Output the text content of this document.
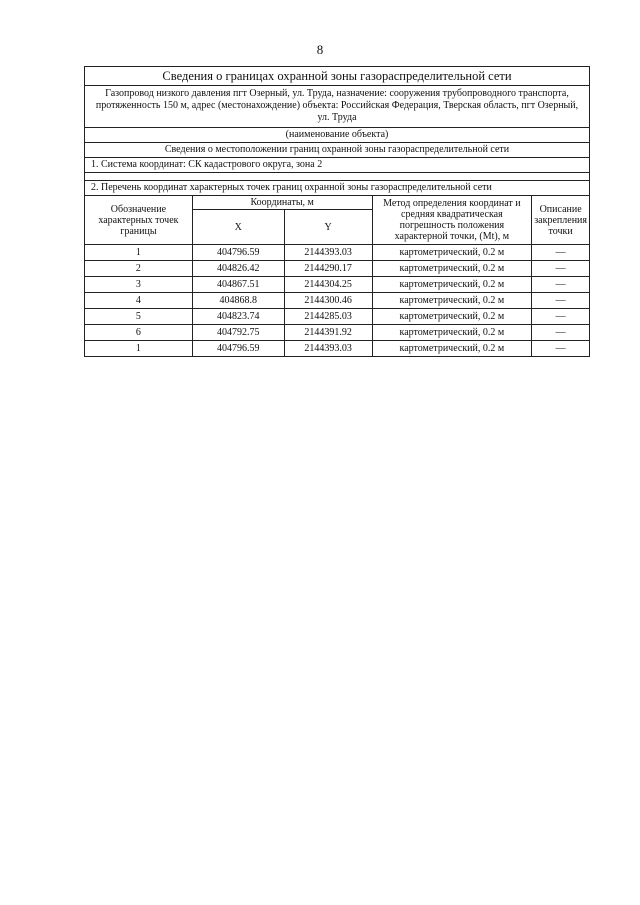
8
Сведения о границах охранной зоны газораспределительной сети
Газопровод низкого давления пгт Озерный, ул. Труда, назначение: сооружения трубопроводного транспорта, протяженность 150 м, адрес (местонахождение) объекта: Российская Федерация, Тверская область, пгт Озерный, ул. Труда
(наименование объекта)
Сведения о местоположении границ охранной зоны газораспределительной сети
1. Система координат: СК кадастрового округа, зона 2
2. Перечень координат характерных точек границ охранной зоны газораспределительной сети
Обозначение характерных точек границы	Координаты, м		Метод определения координат и средняя квадратическая погрешность положения характерной точки, (Mt), м	Описание закрепления точки
	X	Y		
1	404796.59	2144393.03	картометрический, 0.2 м	—
2	404826.42	2144290.17	картометрический, 0.2 м	—
3	404867.51	2144304.25	картометрический, 0.2 м	—
4	404868.8	2144300.46	картометрический, 0.2 м	—
5	404823.74	2144285.03	картометрический, 0.2 м	—
6	404792.75	2144391.92	картометрический, 0.2 м	—
1	404796.59	2144393.03	картометрический, 0.2 м	—
